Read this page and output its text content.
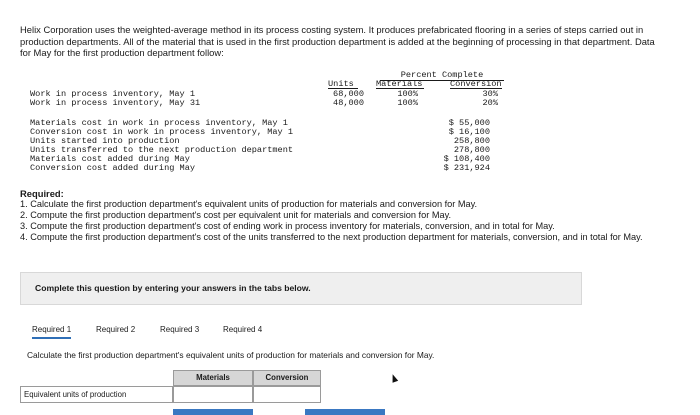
Helix Corporation uses the weighted-average method in its process costing system. It produces prefabricated flooring in a series of steps carried out in production departments. All of the material that is used in the first production department is added at the beginning of processing in that department. Data for May for the first production department follow:
Units
Percent Complete
Materials	Conversion
Work in process inventory, May 1	68,000	100%	30%
Work in process inventory, May 31	48,000	100%	20%
Materials cost in work in process inventory, May 1	$ 55,000
Conversion cost in work in process inventory, May 1	$ 16,100
Units started into production	258,800
Units transferred to the next production department	278,800
Materials cost added during May	$ 108,400
Conversion cost added during May	$ 231,924
Required:
1. Calculate the first production department's equivalent units of production for materials and conversion for May.
2. Compute the first production department's cost per equivalent unit for materials and conversion for May.
3. Compute the first production department's cost of ending work in process inventory for materials, conversion, and in total for May.
4. Compute the first production department's cost of the units transferred to the next production department for materials, conversion, and in total for May.
Complete this question by entering your answers in the tabs below.
Required 1	Required 2	Required 3	Required 4
Calculate the first production department's equivalent units of production for materials and conversion for May.
Materials	Conversion
Equivalent units of production
